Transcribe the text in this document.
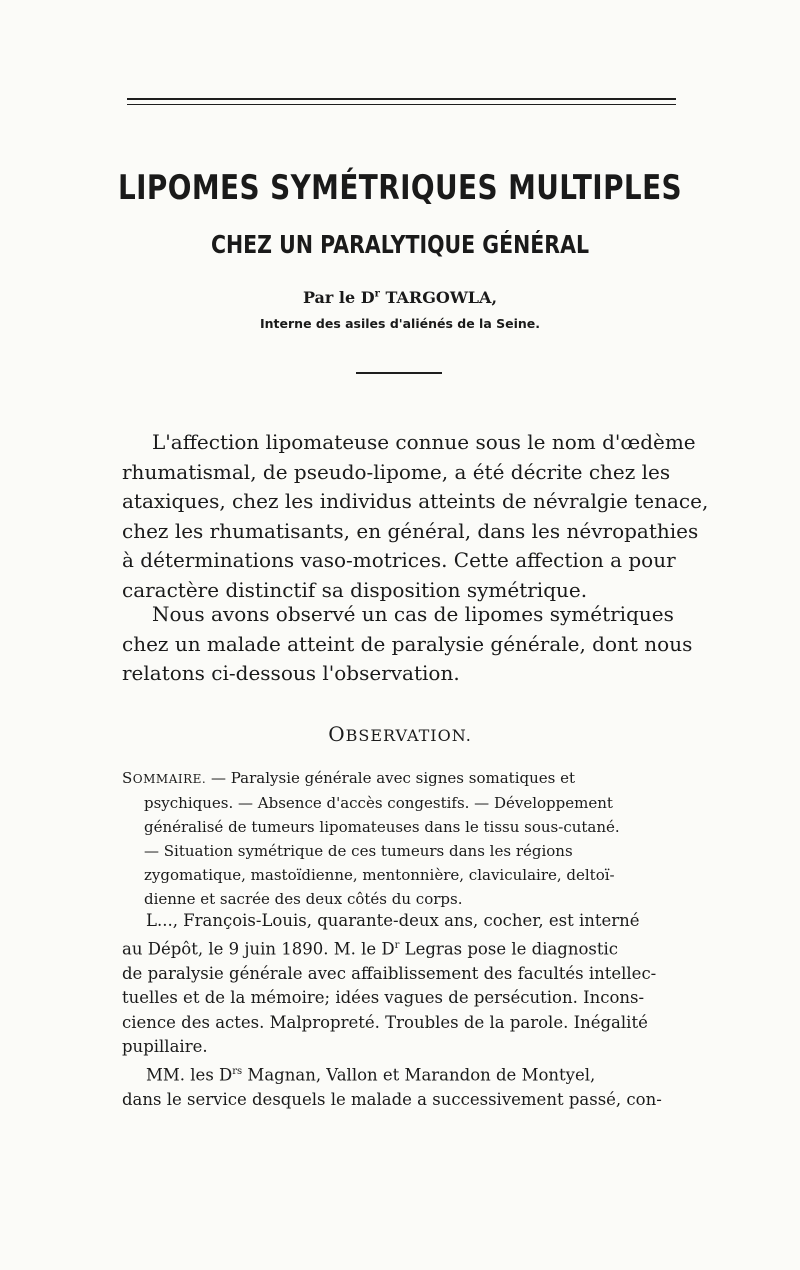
LIPOMES SYMÉTRIQUES MULTIPLES
CHEZ UN PARALYTIQUE GÉNÉRAL
Par le $D^r$ TARGOWLA,
Interne des asiles d'aliénés de la Seine.
L'affection lipomateuse connue sous le nom d'œdème
rhumatismal, de pseudo-lipome, a été décrite chez les
ataxiques, chez les individus atteints de névralgie tenace,
chez les rhumatisants, en général, dans les névropathies
à déterminations vaso-motrices. Cette affection a pour
caractère distinctif sa disposition symétrique.
Nous avons observé un cas de lipomes symétriques
chez un malade atteint de paralysie générale, dont nous
relatons ci-dessous l'observation.
OBSERVATION.
SOMMAIRE. — Paralysie générale avec signes somatiques et
psychiques. — Absence d'accès congestifs. — Développement
généralisé de tumeurs lipomateuses dans le tissu sous-cutané.
— Situation symétrique de ces tumeurs dans les régions
zygomatique, mastoïdienne, mentonnière, claviculaire, deltoï-
dienne et sacrée des deux côtés du corps.
L..., François-Louis, quarante-deux ans, cocher, est interné
au Dépôt, le 9 juin 1890. M. le $D^r$ Legras pose le diagnostic
de paralysie générale avec affaiblissement des facultés intellec-
tuelles et de la mémoire; idées vagues de persécution. Incons-
cience des actes. Malpropreté. Troubles de la parole. Inégalité
pupillaire.
MM. les $D^{rs}$ Magnan, Vallon et Marandon de Montyel,
dans le service desquels le malade a successivement passé, con-
